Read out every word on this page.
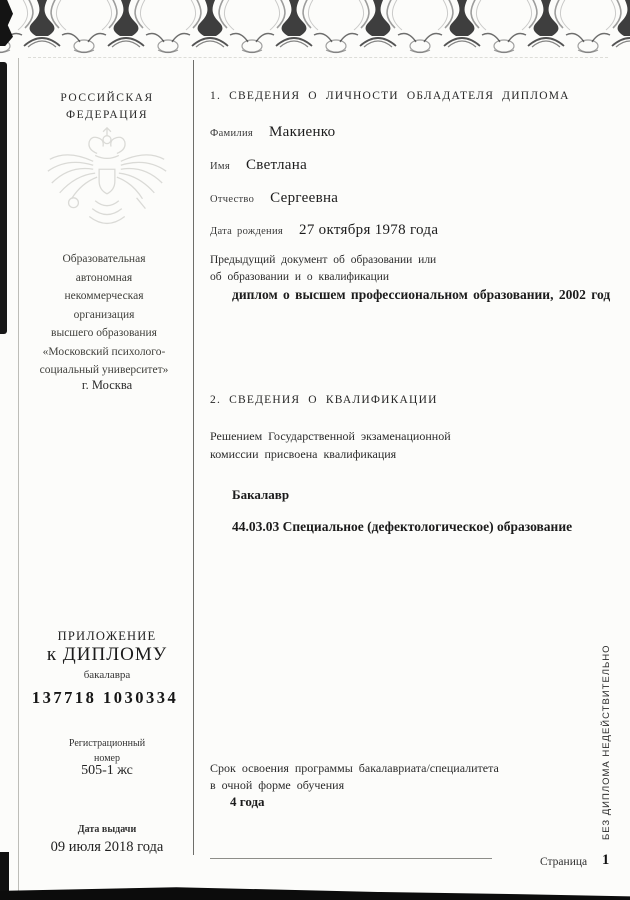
РОССИЙСКАЯ
ФЕДЕРАЦИЯ
Образовательная
автономная
некоммерческая
организация
высшего образования
«Московский психолого-
социальный университет»
г. Москва
ПРИЛОЖЕНИЕ
к ДИПЛОМУ
бакалавра
137718 1030334
Регистрационный
номер
505-1 жс
Дата выдачи
09 июля 2018 года
1. СВЕДЕНИЯ О ЛИЧНОСТИ ОБЛАДАТЕЛЯ ДИПЛОМА
Фамилия Макиенко
Имя Светлана
Отчество Сергеевна
Дата рождения 27 октября 1978 года
Предыдущий документ об образовании или
об образовании и о квалификации
диплом о высшем профессиональном образовании, 2002 год
2. СВЕДЕНИЯ О КВАЛИФИКАЦИИ
Решением Государственной экзаменационной
комиссии присвоена квалификация
Бакалавр
44.03.03 Специальное (дефектологическое) образование
Срок освоения программы бакалавриата/специалитета
в очной форме обучения
4 года
Страница 1
БЕЗ ДИПЛОМА НЕДЕЙСТВИТЕЛЬНО
